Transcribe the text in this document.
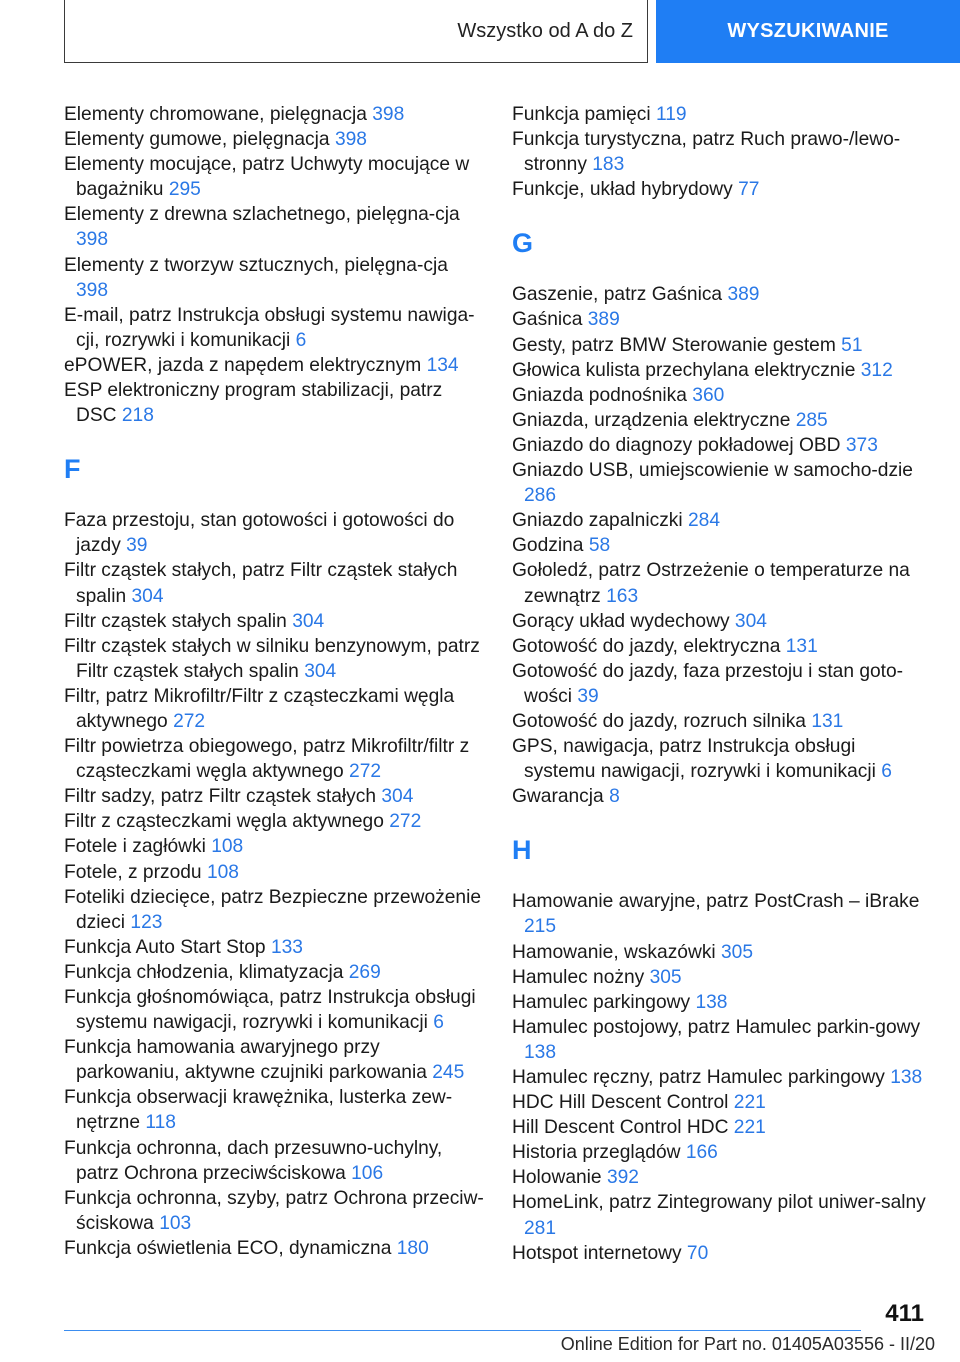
Wszystko od A do Z	WYSZUKIWANIE
Elementy chromowane, pielęgnacja 398
Elementy gumowe, pielęgnacja 398
Elementy mocujące, patrz Uchwyty mocujące w bagażniku 295
Elementy z drewna szlachetnego, pielęgna‐cja 398
Elementy z tworzyw sztucznych, pielęgna‐cja 398
E-mail, patrz Instrukcja obsługi systemu nawiga‐cji, rozrywki i komunikacji 6
ePOWER, jazda z napędem elektrycznym 134
ESP elektroniczny program stabilizacji, patrz DSC 218
F
Faza przestoju, stan gotowości i gotowości do jazdy 39
Filtr cząstek stałych, patrz Filtr cząstek stałych spalin 304
Filtr cząstek stałych spalin 304
Filtr cząstek stałych w silniku benzynowym, patrz Filtr cząstek stałych spalin 304
Filtr, patrz Mikrofiltr/Filtr z cząsteczkami węgla aktywnego 272
Filtr powietrza obiegowego, patrz Mikrofiltr/filtr z cząsteczkami węgla aktywnego 272
Filtr sadzy, patrz Filtr cząstek stałych 304
Filtr z cząsteczkami węgla aktywnego 272
Fotele i zagłówki 108
Fotele, z przodu 108
Foteliki dziecięce, patrz Bezpieczne przewożenie dzieci 123
Funkcja Auto Start Stop 133
Funkcja chłodzenia, klimatyzacja 269
Funkcja głośnomówiąca, patrz Instrukcja obsługi systemu nawigacji, rozrywki i komunikacji 6
Funkcja hamowania awaryjnego przy parkowaniu, aktywne czujniki parkowania 245
Funkcja obserwacji krawężnika, lusterka zew‐nętrzne 118
Funkcja ochronna, dach przesuwno-uchylny, patrz Ochrona przeciwściskowa 106
Funkcja ochronna, szyby, patrz Ochrona przeciw‐ściskowa 103
Funkcja oświetlenia ECO, dynamiczna 180
Funkcja pamięci 119
Funkcja turystyczna, patrz Ruch prawo-/lewo‐stronny 183
Funkcje, układ hybrydowy 77
G
Gaszenie, patrz Gaśnica 389
Gaśnica 389
Gesty, patrz BMW Sterowanie gestem 51
Głowica kulista przechylana elektrycznie 312
Gniazda podnośnika 360
Gniazda, urządzenia elektryczne 285
Gniazdo do diagnozy pokładowej OBD 373
Gniazdo USB, umiejscowienie w samocho‐dzie 286
Gniazdo zapalniczki 284
Godzina 58
Gołoledź, patrz Ostrzeżenie o temperaturze na zewnątrz 163
Gorący układ wydechowy 304
Gotowość do jazdy, elektryczna 131
Gotowość do jazdy, faza przestoju i stan goto‐wości 39
Gotowość do jazdy, rozruch silnika 131
GPS, nawigacja, patrz Instrukcja obsługi systemu nawigacji, rozrywki i komunikacji 6
Gwarancja 8
H
Hamowanie awaryjne, patrz PostCrash – iBrake 215
Hamowanie, wskazówki 305
Hamulec nożny 305
Hamulec parkingowy 138
Hamulec postojowy, patrz Hamulec parkin‐gowy 138
Hamulec ręczny, patrz Hamulec parkingowy 138
HDC Hill Descent Control 221
Hill Descent Control HDC 221
Historia przeglądów 166
Holowanie 392
HomeLink, patrz Zintegrowany pilot uniwer‐salny 281
Hotspot internetowy 70
411
Online Edition for Part no. 01405A03556 - II/20
